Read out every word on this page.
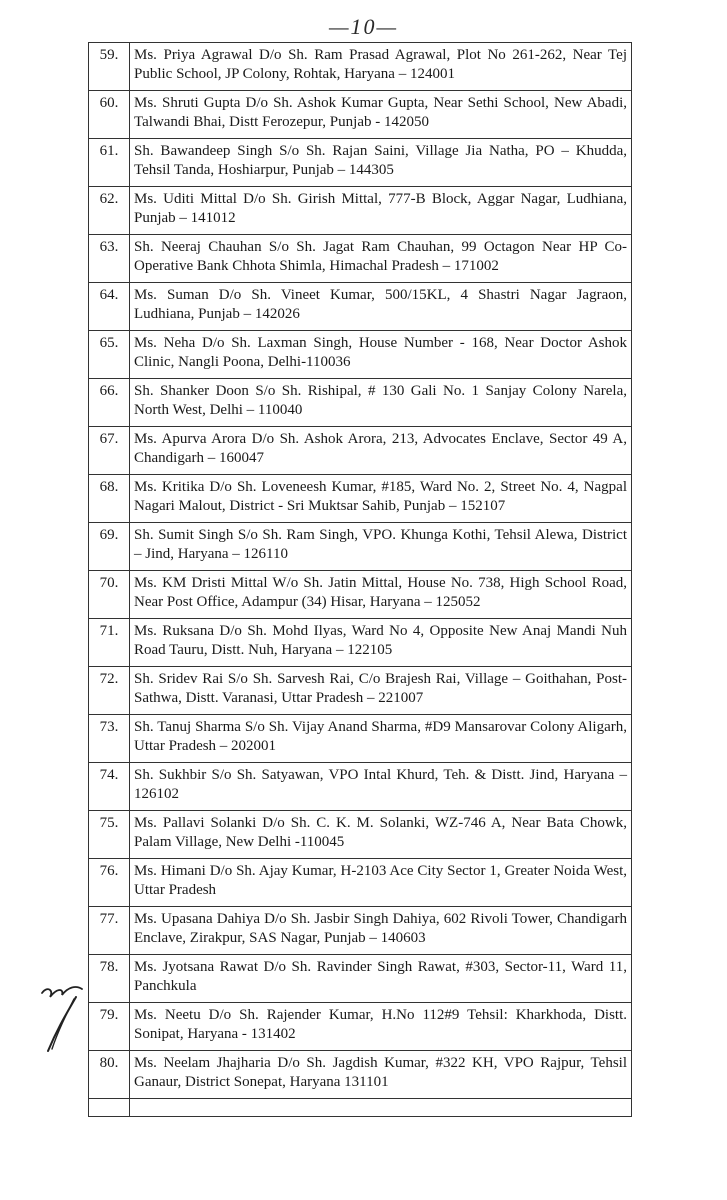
—10—
59.	Ms. Priya Agrawal D/o Sh. Ram Prasad Agrawal, Plot No 261-262, Near Tej Public School, JP Colony, Rohtak, Haryana – 124001
60.	Ms. Shruti Gupta D/o Sh. Ashok Kumar Gupta, Near Sethi School, New Abadi, Talwandi Bhai, Distt Ferozepur, Punjab - 142050
61.	Sh. Bawandeep Singh S/o Sh. Rajan Saini, Village Jia Natha, PO – Khudda, Tehsil Tanda, Hoshiarpur, Punjab – 144305
62.	Ms. Uditi Mittal D/o Sh. Girish Mittal, 777-B Block, Aggar Nagar, Ludhiana, Punjab – 141012
63.	Sh. Neeraj Chauhan S/o Sh. Jagat Ram Chauhan, 99 Octagon Near HP Co-Operative Bank Chhota Shimla, Himachal Pradesh – 171002
64.	Ms. Suman D/o Sh. Vineet Kumar, 500/15KL, 4 Shastri Nagar Jagraon, Ludhiana, Punjab – 142026
65.	Ms. Neha D/o Sh. Laxman Singh, House Number - 168, Near Doctor Ashok Clinic, Nangli Poona, Delhi-110036
66.	Sh. Shanker Doon S/o Sh. Rishipal, # 130 Gali No. 1 Sanjay Colony Narela, North West, Delhi – 110040
67.	Ms. Apurva Arora D/o Sh. Ashok Arora, 213, Advocates Enclave, Sector 49 A, Chandigarh – 160047
68.	Ms. Kritika D/o Sh. Loveneesh Kumar, #185, Ward No. 2, Street No. 4, Nagpal Nagari Malout, District - Sri Muktsar Sahib, Punjab – 152107
69.	Sh. Sumit Singh S/o Sh. Ram Singh, VPO. Khunga Kothi, Tehsil Alewa, District – Jind, Haryana – 126110
70.	Ms. KM Dristi Mittal W/o Sh. Jatin Mittal, House No. 738, High School Road, Near Post Office, Adampur (34) Hisar, Haryana – 125052
71.	Ms. Ruksana D/o Sh. Mohd Ilyas, Ward No 4, Opposite New Anaj Mandi Nuh Road Tauru, Distt. Nuh, Haryana – 122105
72.	Sh. Sridev Rai S/o Sh. Sarvesh Rai, C/o Brajesh Rai, Village – Goithahan, Post-Sathwa, Distt. Varanasi, Uttar Pradesh – 221007
73.	Sh. Tanuj Sharma S/o Sh. Vijay Anand Sharma, #D9 Mansarovar Colony Aligarh, Uttar Pradesh – 202001
74.	Sh. Sukhbir S/o Sh. Satyawan, VPO Intal Khurd, Teh. & Distt. Jind, Haryana – 126102
75.	Ms. Pallavi Solanki D/o Sh. C. K. M. Solanki, WZ-746 A, Near Bata Chowk, Palam Village, New Delhi -110045
76.	Ms. Himani D/o Sh. Ajay Kumar, H-2103 Ace City Sector 1, Greater Noida West, Uttar Pradesh
77.	Ms. Upasana Dahiya D/o Sh. Jasbir Singh Dahiya, 602 Rivoli Tower, Chandigarh Enclave, Zirakpur, SAS Nagar, Punjab – 140603
78.	Ms. Jyotsana Rawat D/o Sh. Ravinder Singh Rawat, #303, Sector-11, Ward 11, Panchkula
79.	Ms. Neetu D/o Sh. Rajender Kumar, H.No 112#9 Tehsil: Kharkhoda, Distt. Sonipat, Haryana - 131402
80.	Ms. Neelam Jhajharia D/o Sh. Jagdish Kumar, #322 KH, VPO Rajpur, Tehsil Ganaur, District Sonepat, Haryana 131101
